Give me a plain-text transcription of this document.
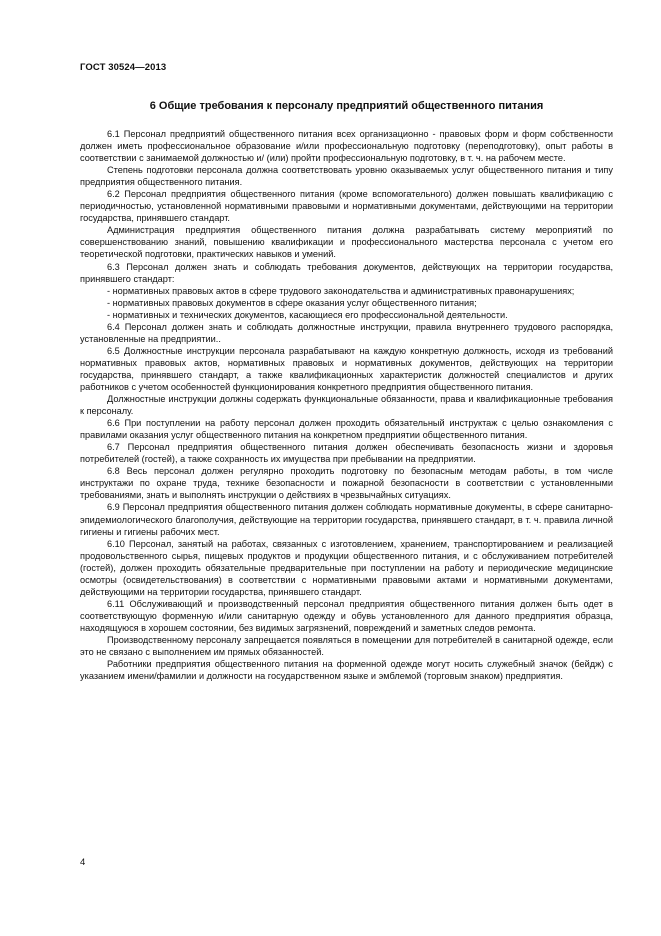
ГОСТ 30524—2013
6 Общие требования к персоналу предприятий общественного питания

6.1 Персонал предприятий общественного питания всех организационно - правовых форм и форм собственности должен иметь профессиональное образование и/или профессиональную подготовку (переподготовку), опыт работы в соответствии с занимаемой должностью и/ (или) пройти профессиональную подготовку, в т. ч. на рабочем месте.

Степень подготовки персонала должна соответствовать уровню оказываемых услуг общественного питания и типу предприятия общественного питания.

6.2 Персонал предприятия общественного питания (кроме вспомогательного) должен повышать квалификацию с периодичностью, установленной нормативными правовыми и нормативными документами, действующими на территории государства, принявшего стандарт.

Администрация предприятия общественного питания должна разрабатывать систему мероприятий по совершенствованию знаний, повышению квалификации и профессионального мастерства персонала с учетом его теоретической подготовки, практических навыков и умений.

6.3 Персонал должен знать и соблюдать требования документов, действующих на территории государства, принявшего стандарт:

- нормативных правовых актов в сфере трудового законодательства и административных правонарушениях;

- нормативных правовых документов в сфере оказания услуг общественного питания;

- нормативных и технических документов, касающиеся его профессиональной деятельности.

6.4 Персонал должен знать и соблюдать должностные инструкции, правила внутреннего трудового распорядка, установленные на предприятии..

6.5 Должностные инструкции персонала разрабатывают на каждую конкретную должность, исходя из требований нормативных правовых актов, нормативных правовых и нормативных документов, действующих на территории государства, принявшего стандарт, а также квалификационных характеристик должностей специалистов и других работников с учетом особенностей функционирования конкретного предприятия общественного питания.

Должностные инструкции должны содержать функциональные обязанности, права и квалификационные требования к персоналу.

6.6 При поступлении на работу персонал должен проходить обязательный инструктаж с целью ознакомления с правилами оказания услуг общественного питания на конкретном предприятии общественного питания.

6.7 Персонал предприятия общественного питания должен обеспечивать безопасность жизни и здоровья потребителей (гостей), а также сохранность их имущества при пребывании на предприятии.

6.8 Весь персонал должен регулярно проходить подготовку по безопасным методам работы, в том числе инструктажи по охране труда, технике безопасности и пожарной безопасности в соответствии с установленными требованиями, знать и выполнять инструкции о действиях в чрезвычайных ситуациях.

6.9 Персонал предприятия общественного питания должен соблюдать нормативные документы, в сфере санитарно-эпидемиологического благополучия, действующие на территории государства, принявшего стандарт, в т. ч. правила личной гигиены и гигиены рабочих мест.

6.10 Персонал, занятый на работах, связанных с изготовлением, хранением, транспортированием и реализацией продовольственного сырья, пищевых продуктов и продукции общественного питания, и с обслуживанием потребителей (гостей), должен проходить обязательные предварительные при поступлении на работу и периодические медицинские осмотры (освидетельствования) в соответствии с нормативными правовыми актами и нормативными документами, действующими на территории государства, принявшего стандарт.

6.11 Обслуживающий и производственный персонал предприятия общественного питания должен быть одет в соответствующую форменную и/или санитарную одежду и обувь установленного для данного предприятия образца, находящуюся в хорошем состоянии, без видимых загрязнений, повреждений и заметных следов ремонта.

Производственному персоналу запрещается появляться в помещении для потребителей в санитарной одежде, если это не связано с выполнением им прямых обязанностей.

Работники предприятия общественного питания на форменной одежде могут носить служебный значок (бейдж) с указанием имени/фамилии и должности на государственном языке и эмблемой (торговым знаком) предприятия.

4
